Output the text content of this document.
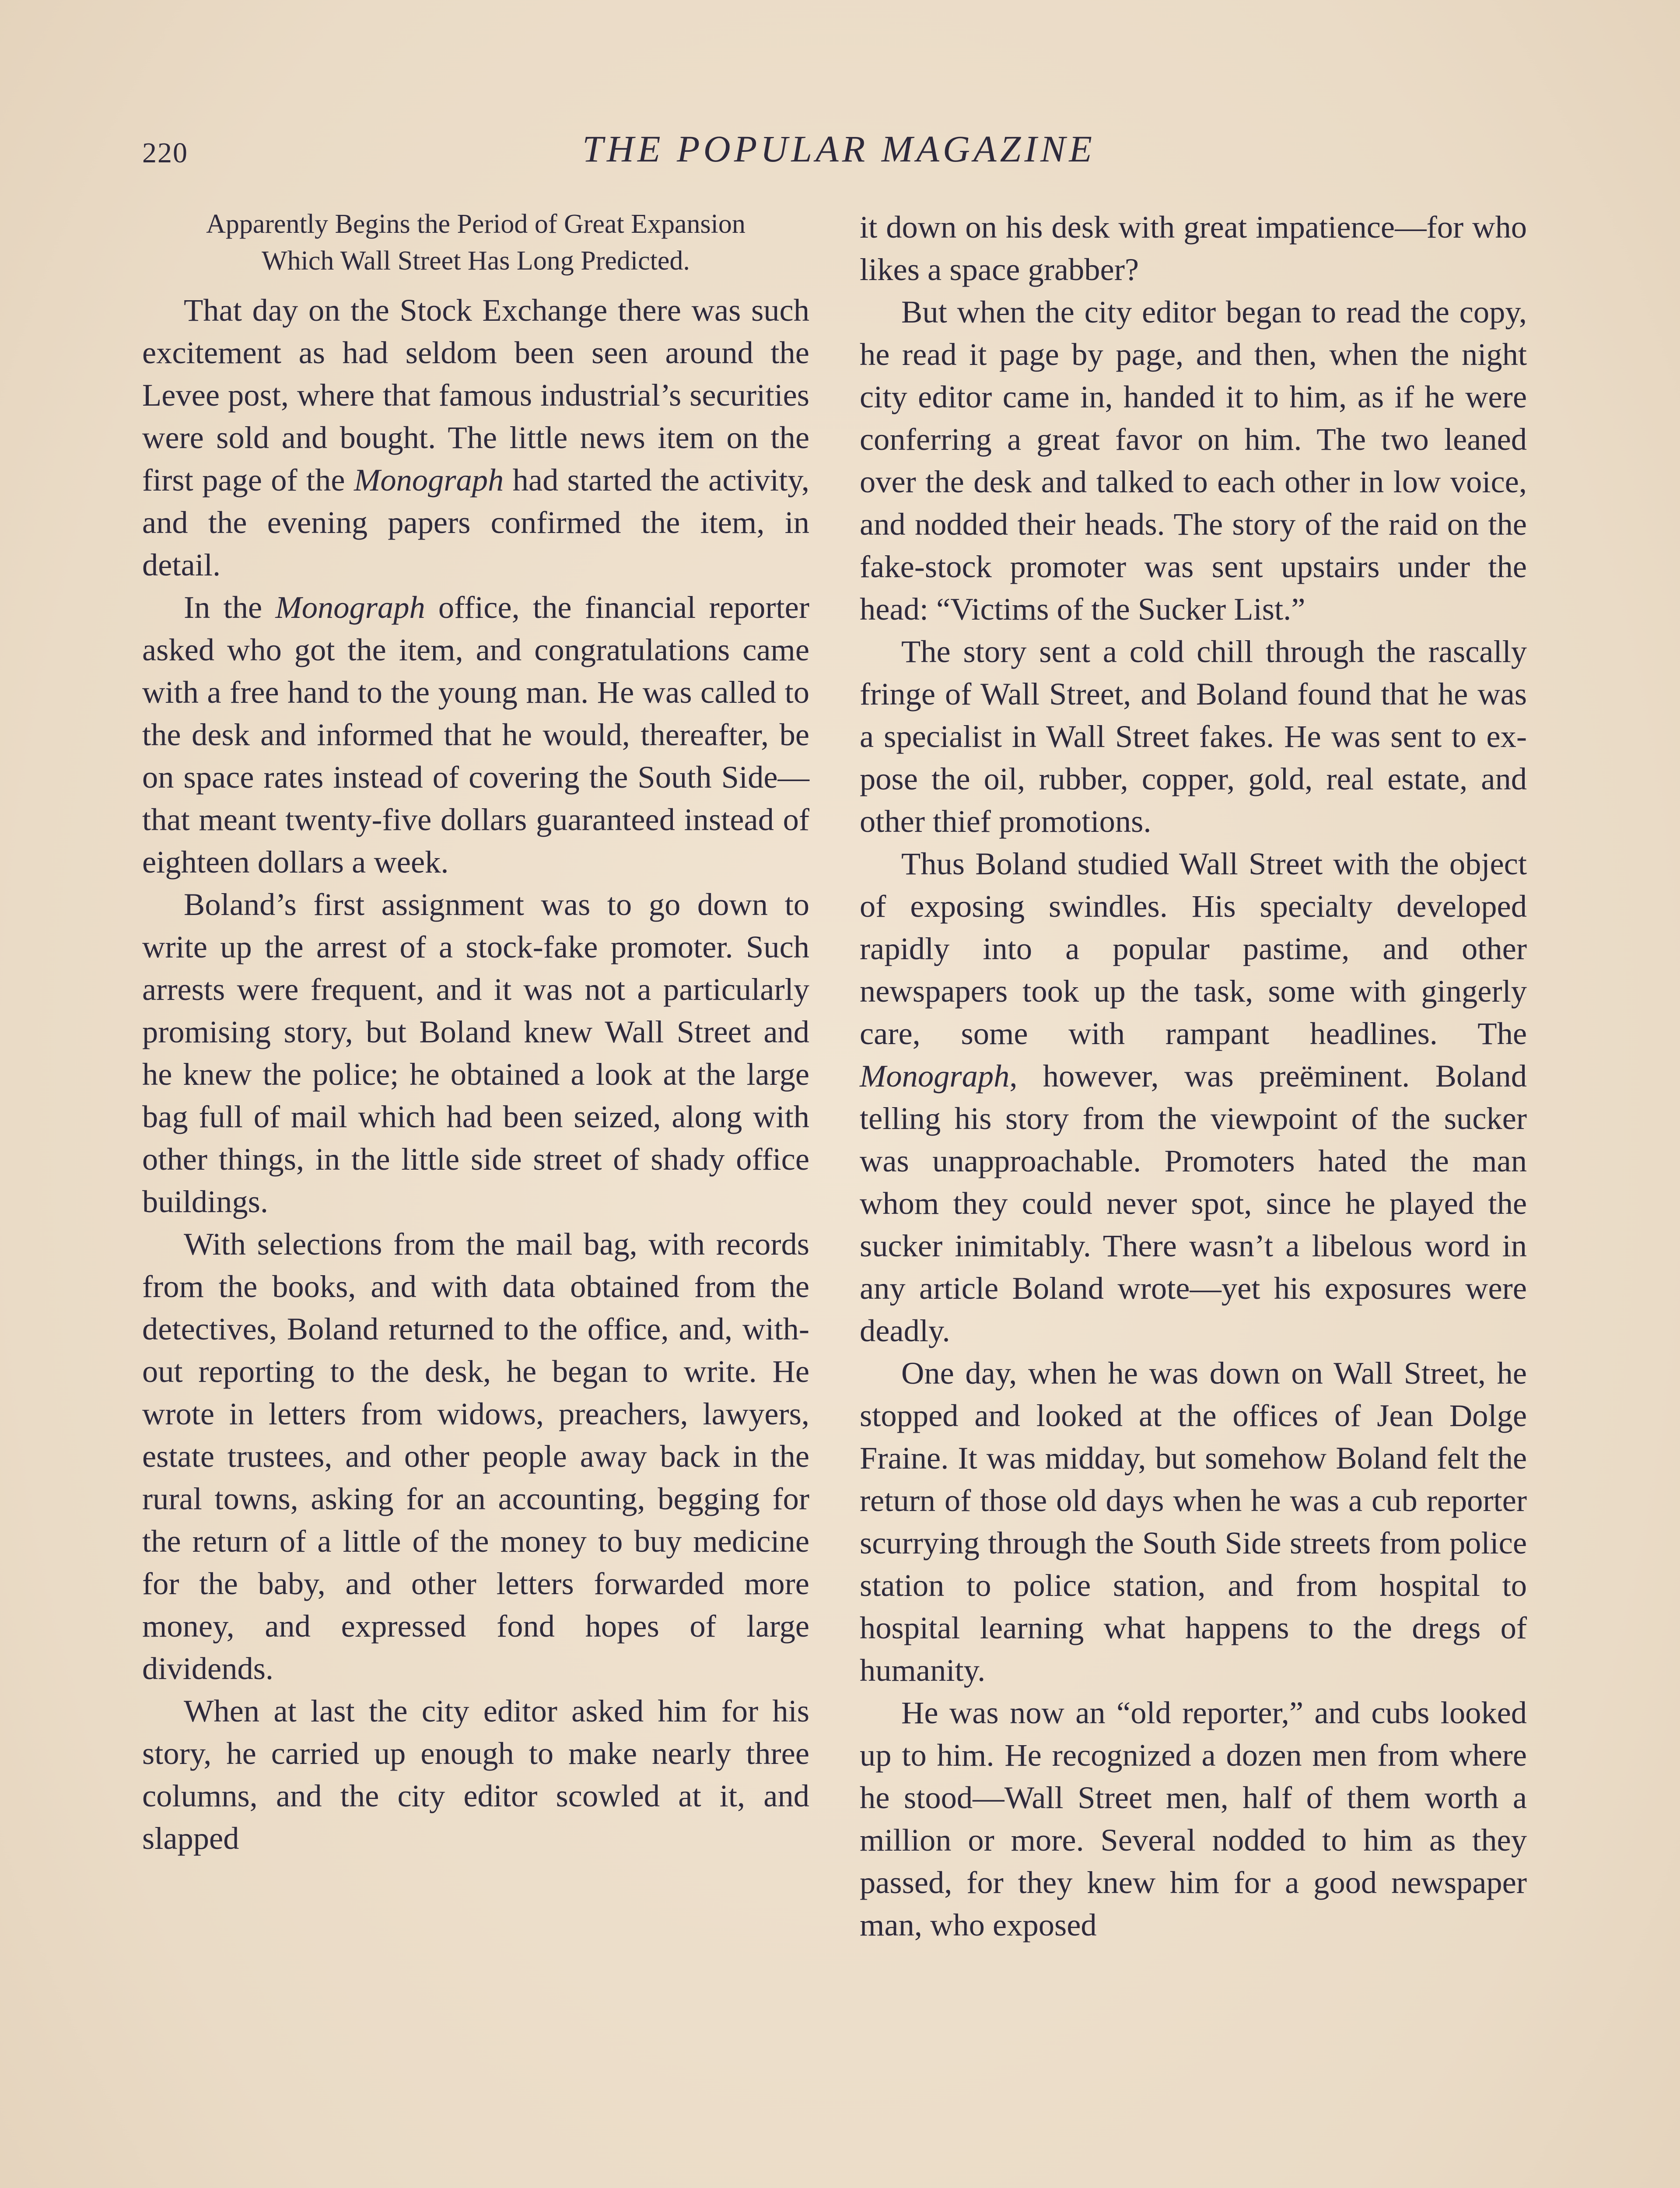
220	THE POPULAR MAGAZINE
Apparently Begins the Period of Great Expansion Which Wall Street Has Long Predicted.

That day on the Stock Exchange there was such excitement as had seldom been seen around the Levee post, where that famous industrial’s securities were sold and bought. The little news item on the first page of the Monograph had started the activity, and the evening papers confirmed the item, in detail.

In the Monograph office, the financial reporter asked who got the item, and congratulations came with a free hand to the young man. He was called to the desk and informed that he would, thereafter, be on space rates instead of covering the South Side—that meant twenty-five dollars guaranteed instead of eighteen dollars a week.

Boland’s first assignment was to go down to write up the arrest of a stock-fake promoter. Such arrests were frequent, and it was not a particularly promising story, but Boland knew Wall Street and he knew the police; he obtained a look at the large bag full of mail which had been seized, along with other things, in the little side street of shady office buildings.

With selections from the mail bag, with records from the books, and with data obtained from the detectives, Boland returned to the office, and, without reporting to the desk, he began to write. He wrote in letters from widows, preachers, lawyers, estate trustees, and other people away back in the rural towns, asking for an accounting, begging for the return of a little of the money to buy medicine for the baby, and other letters forwarded more money, and expressed fond hopes of large dividends.

When at last the city editor asked him for his story, he carried up enough to make nearly three columns, and the city editor scowled at it, and slapped

it down on his desk with great impatience—for who likes a space grabber?

But when the city editor began to read the copy, he read it page by page, and then, when the night city editor came in, handed it to him, as if he were conferring a great favor on him. The two leaned over the desk and talked to each other in low voice, and nodded their heads. The story of the raid on the fake-stock promoter was sent upstairs under the head: “Victims of the Sucker List.”

The story sent a cold chill through the rascally fringe of Wall Street, and Boland found that he was a specialist in Wall Street fakes. He was sent to expose the oil, rubber, copper, gold, real estate, and other thief promotions.

Thus Boland studied Wall Street with the object of exposing swindles. His specialty developed rapidly into a popular pastime, and other newspapers took up the task, some with gingerly care, some with rampant headlines. The Monograph, however, was preëminent. Boland telling his story from the viewpoint of the sucker was unapproachable. Promoters hated the man whom they could never spot, since he played the sucker inimitably. There wasn’t a libelous word in any article Boland wrote—yet his exposures were deadly.

One day, when he was down on Wall Street, he stopped and looked at the offices of Jean Dolge Fraine. It was midday, but somehow Boland felt the return of those old days when he was a cub reporter scurrying through the South Side streets from police station to police station, and from hospital to hospital learning what happens to the dregs of humanity.

He was now an “old reporter,” and cubs looked up to him. He recognized a dozen men from where he stood—Wall Street men, half of them worth a million or more. Several nodded to him as they passed, for they knew him for a good newspaper man, who exposed
